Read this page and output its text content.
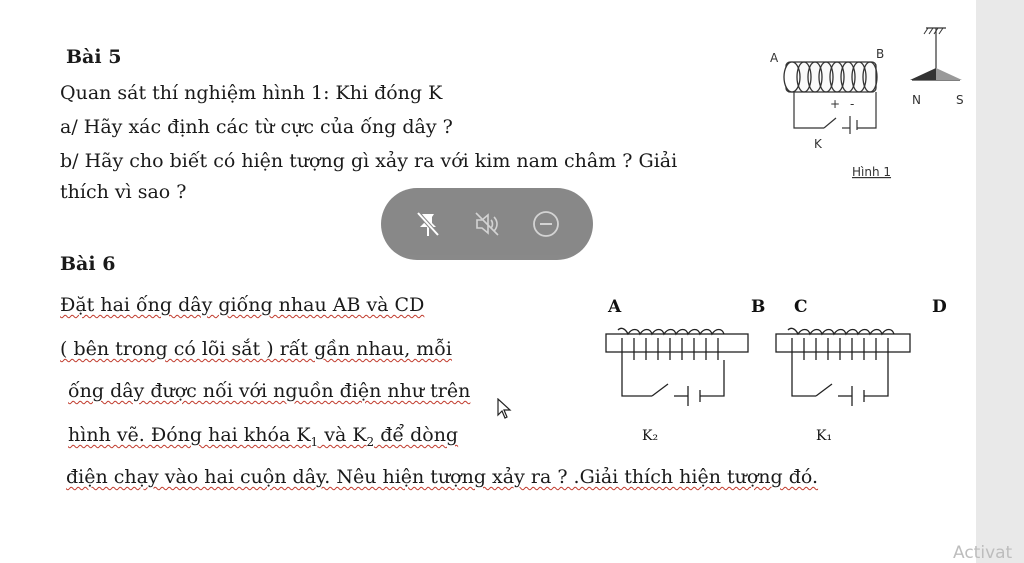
Bài 5
Quan sát thí nghiệm hình 1: Khi đóng K
a/ Hãy xác định các từ cực của ống dây ?
b/ Hãy cho biết có hiện tượng gì xảy ra với kim nam châm ? Giải
thích vì sao ?
A	B
+ -
K
N	S
Hình 1
Bài 6
Đặt hai ống dây giống nhau AB và CD
( bên trong có lõi sắt ) rất gần nhau, mỗi
ống dây được nối với nguồn điện như trên
hình vẽ. Đóng hai khóa $K_1$ và $K_2$ để dòng
điện chạy vào hai cuộn dây. Nêu hiện tượng xảy ra ? .Giải thích hiện tượng đó.
A	B C	D
K₂	K₁
Activat
